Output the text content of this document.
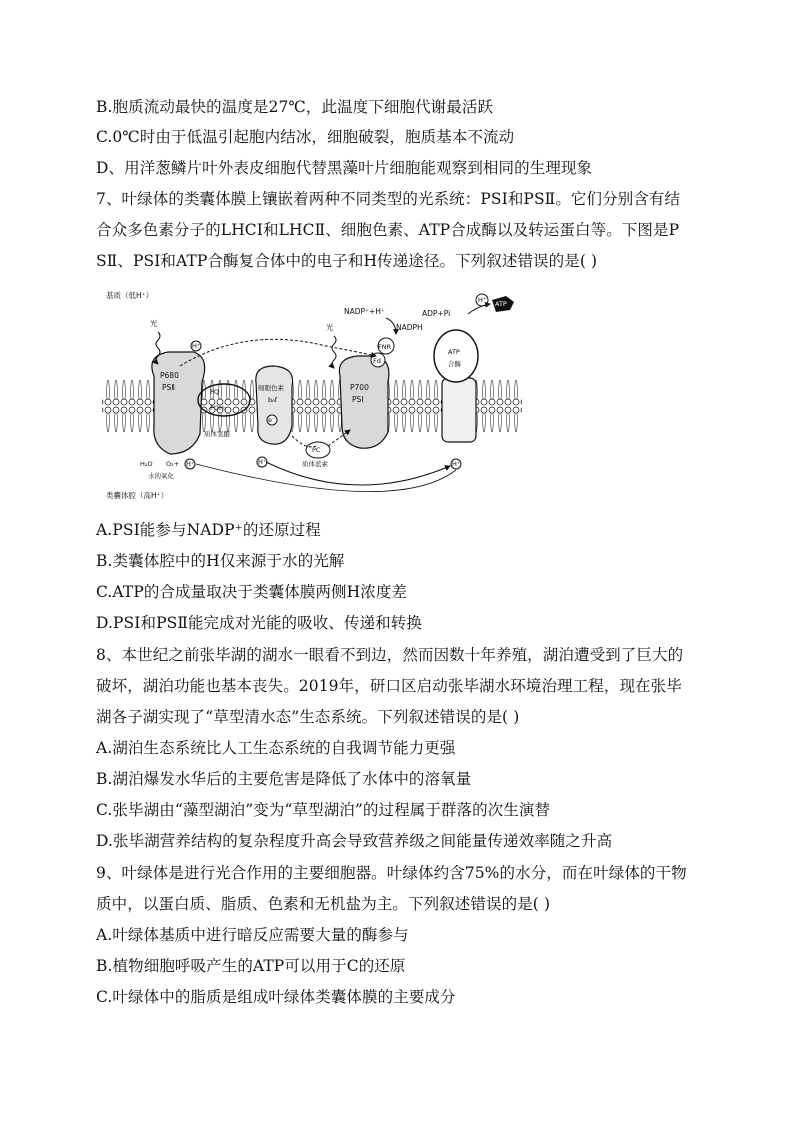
B.胞质流动最快的温度是27℃，此温度下细胞代谢最活跃
C.0℃时由于低温引起胞内结冰，细胞破裂，胞质基本不流动
D、用洋葱鳞片叶外表皮细胞代替黑藻叶片细胞能观察到相同的生理现象
7、叶绿体的类囊体膜上镶嵌着两种不同类型的光系统：PSⅠ和PSⅡ。它们分别含有结
合众多色素分子的LHCⅠ和LHCⅡ、细胞色素、ATP合成酶以及转运蛋白等。下图是P
SⅡ、PSⅠ和ATP合酶复合体中的电子和H传递途径。下列叙述错误的是( )
基质（低H⁺）
类囊体腔（高H⁺）
P680
PSⅡ
光
H⁺
PQ
PQH₂
质体氢醌
细胞色素
b₆f
e⁻
P700
PSⅠ
光
Fd
FNR
NADP⁺+H⁺
NADPH
ATP
合酶
ADP+Pi
ATP
H⁺
PC
质体蓝素
H⁺	H⁺
H₂O O₂+ H⁺
水的氧化
A.PSⅠ能参与NADP⁺的还原过程
B.类囊体腔中的H仅来源于水的光解
C.ATP的合成量取决于类囊体膜两侧H浓度差
D.PSⅠ和PSⅡ能完成对光能的吸收、传递和转换
8、本世纪之前张毕湖的湖水一眼看不到边，然而因数十年养殖，湖泊遭受到了巨大的
破坏，湖泊功能也基本丧失。2019年，研口区启动张毕湖水环境治理工程，现在张毕
湖各子湖实现了“草型清水态”生态系统。下列叙述错误的是( )
A.湖泊生态系统比人工生态系统的自我调节能力更强
B.湖泊爆发水华后的主要危害是降低了水体中的溶氧量
C.张毕湖由“藻型湖泊”变为“草型湖泊”的过程属于群落的次生演替
D.张毕湖营养结构的复杂程度升高会导致营养级之间能量传递效率随之升高
9、叶绿体是进行光合作用的主要细胞器。叶绿体约含75%的水分，而在叶绿体的干物
质中，以蛋白质、脂质、色素和无机盐为主。下列叙述错误的是( )
A.叶绿体基质中进行暗反应需要大量的酶参与
B.植物细胞呼吸产生的ATP可以用于C的还原
C.叶绿体中的脂质是组成叶绿体类囊体膜的主要成分
